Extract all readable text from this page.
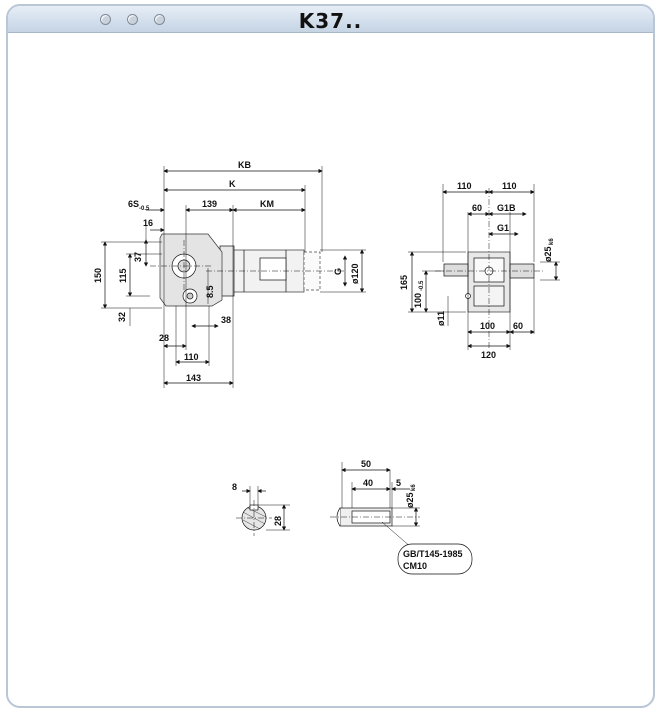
K37..
KB
K
6S -0.5	139	KM
16
150 115
37
32
8.5
38
28
110
143
G ø120
110	110
60 G1B
G1
ø25
k6
165
100
-0.5
ø11	100 60
120
8
28
50
40	5
ø25
k6
GB/T145-1985
CM10
